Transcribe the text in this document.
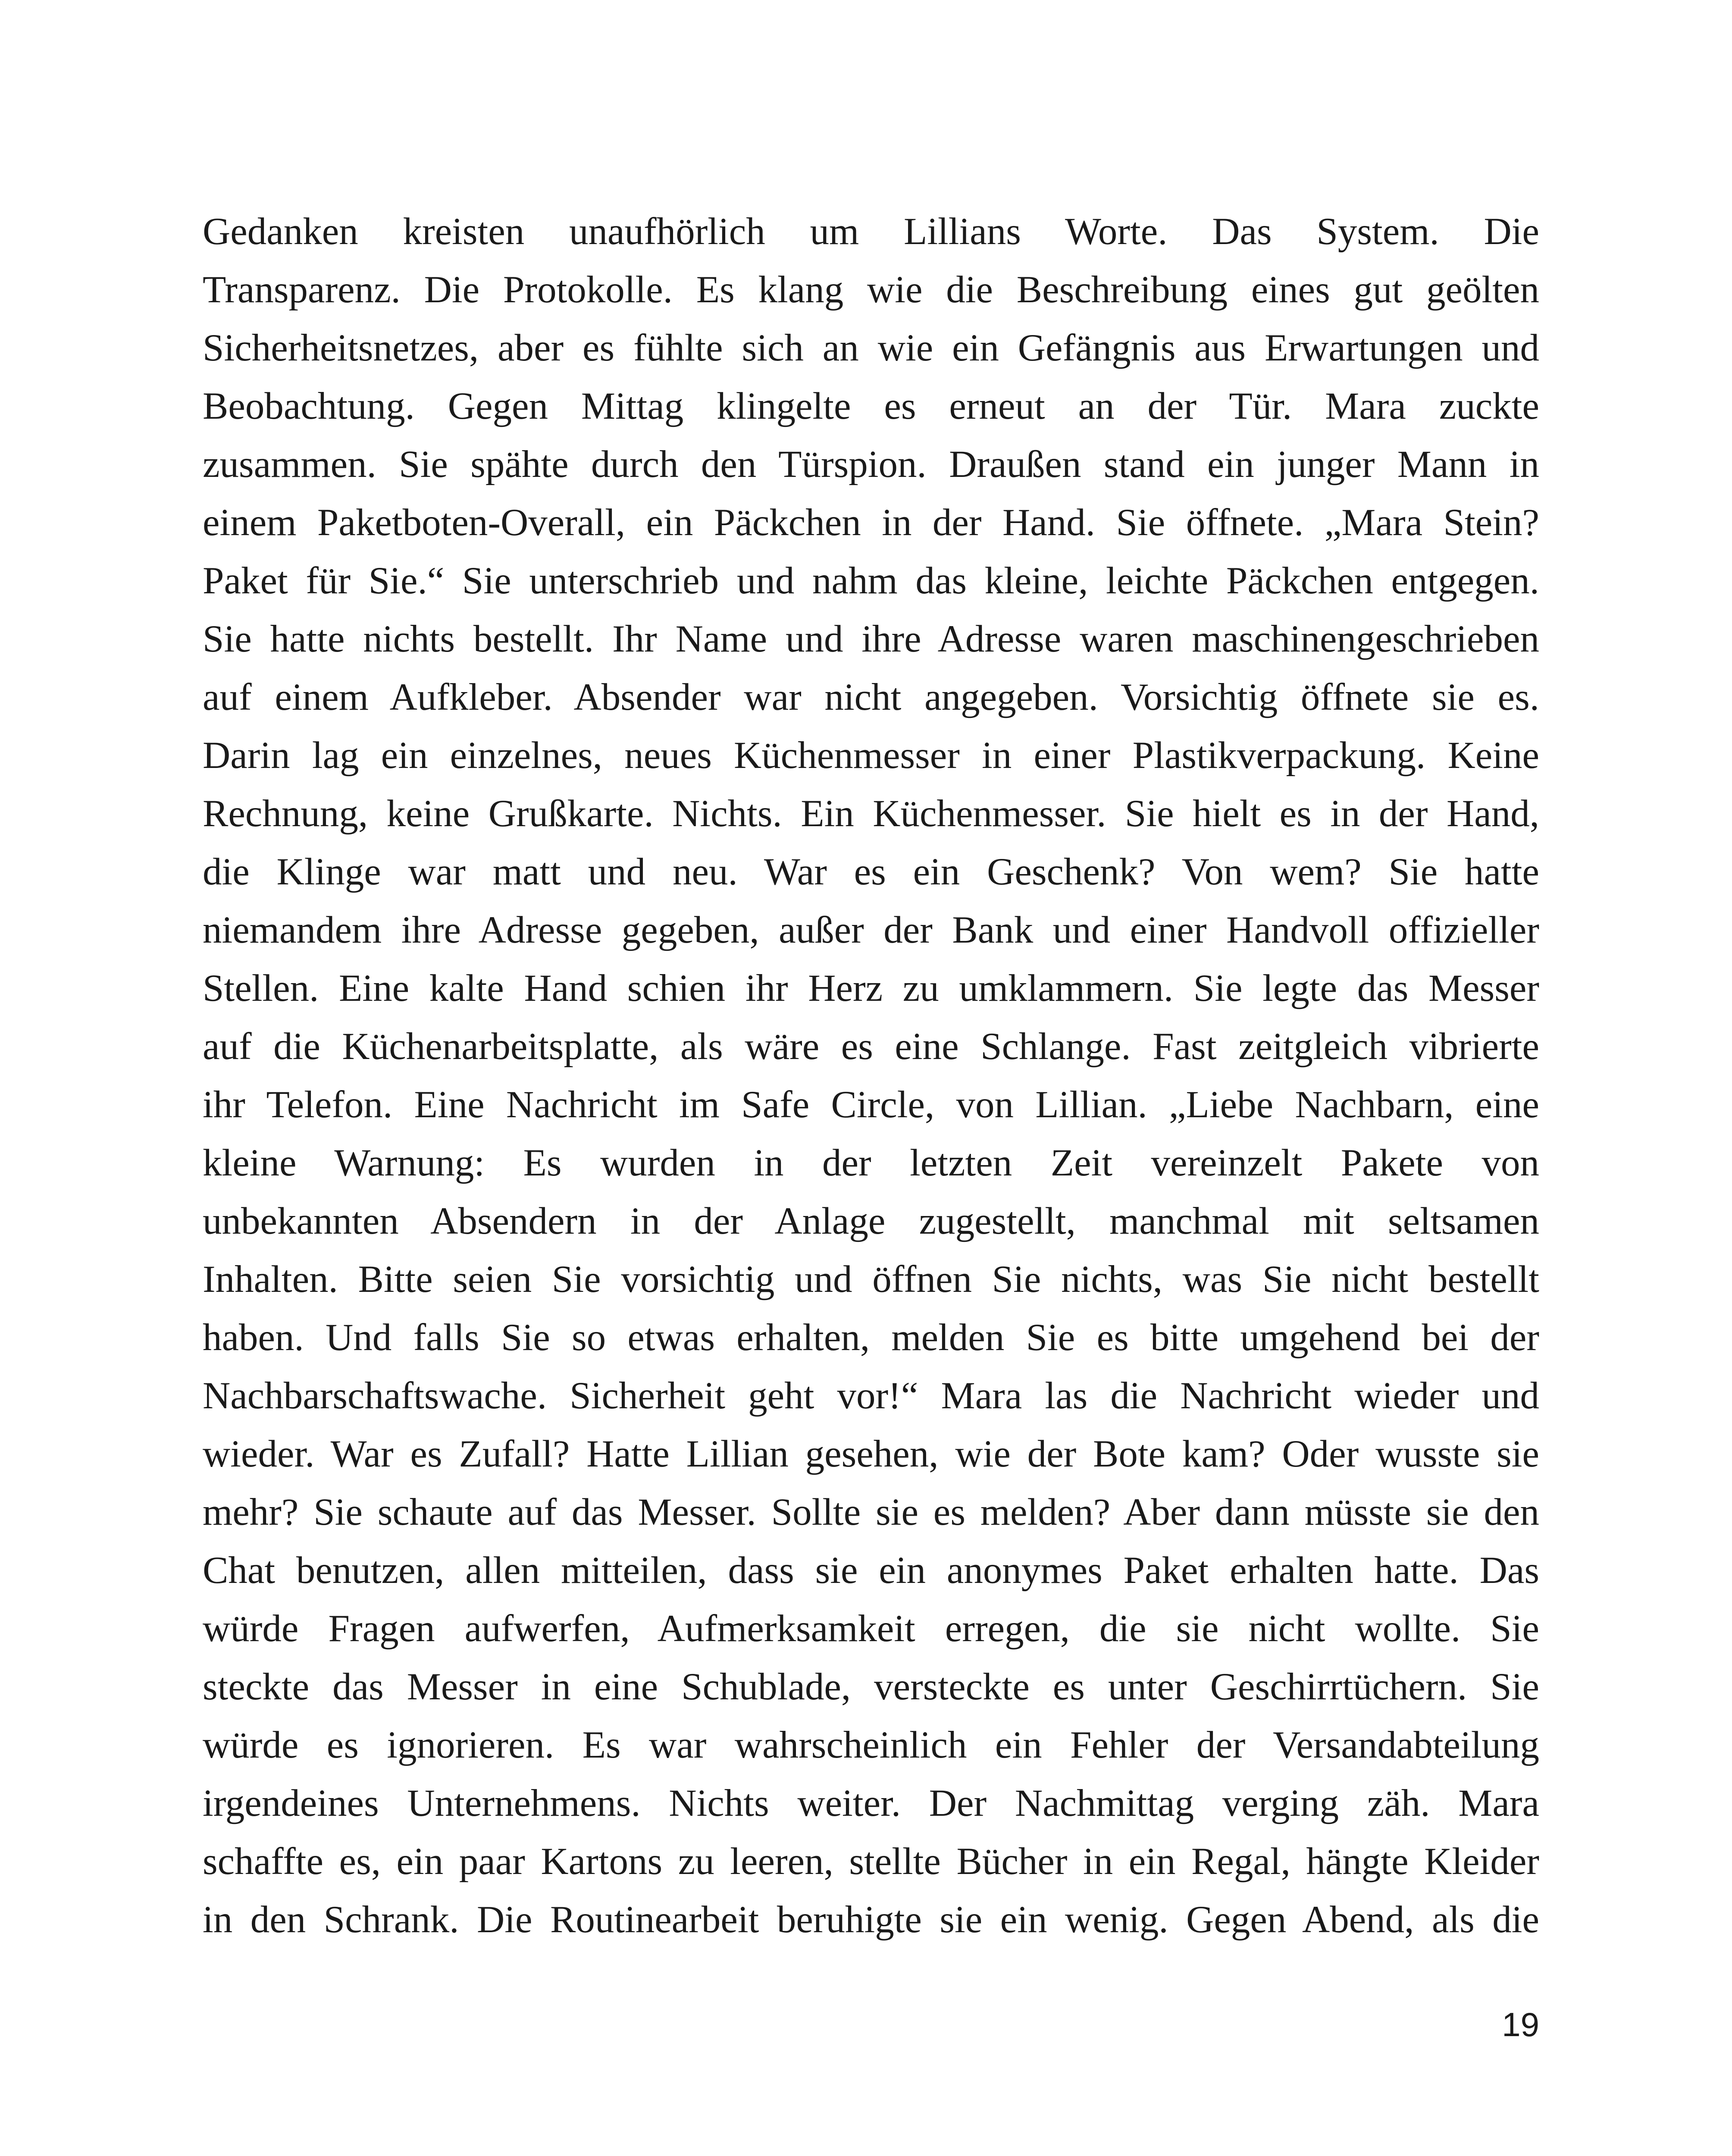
Gedanken kreisten unaufhörlich um Lillians Worte. Das System. Die
Transparenz. Die Protokolle. Es klang wie die Beschreibung eines gut geölten
Sicherheitsnetzes, aber es fühlte sich an wie ein Gefängnis aus Erwartungen und
Beobachtung. Gegen Mittag klingelte es erneut an der Tür. Mara zuckte
zusammen. Sie spähte durch den Türspion. Draußen stand ein junger Mann in
einem Paketboten-Overall, ein Päckchen in der Hand. Sie öffnete. „Mara Stein?
Paket für Sie.“ Sie unterschrieb und nahm das kleine, leichte Päckchen entgegen.
Sie hatte nichts bestellt. Ihr Name und ihre Adresse waren maschinengeschrieben
auf einem Aufkleber. Absender war nicht angegeben. Vorsichtig öffnete sie es.
Darin lag ein einzelnes, neues Küchenmesser in einer Plastikverpackung. Keine
Rechnung, keine Grußkarte. Nichts. Ein Küchenmesser. Sie hielt es in der Hand,
die Klinge war matt und neu. War es ein Geschenk? Von wem? Sie hatte
niemandem ihre Adresse gegeben, außer der Bank und einer Handvoll offizieller
Stellen. Eine kalte Hand schien ihr Herz zu umklammern. Sie legte das Messer
auf die Küchenarbeitsplatte, als wäre es eine Schlange. Fast zeitgleich vibrierte
ihr Telefon. Eine Nachricht im Safe Circle, von Lillian. „Liebe Nachbarn, eine
kleine Warnung: Es wurden in der letzten Zeit vereinzelt Pakete von
unbekannten Absendern in der Anlage zugestellt, manchmal mit seltsamen
Inhalten. Bitte seien Sie vorsichtig und öffnen Sie nichts, was Sie nicht bestellt
haben. Und falls Sie so etwas erhalten, melden Sie es bitte umgehend bei der
Nachbarschaftswache. Sicherheit geht vor!“ Mara las die Nachricht wieder und
wieder. War es Zufall? Hatte Lillian gesehen, wie der Bote kam? Oder wusste sie
mehr? Sie schaute auf das Messer. Sollte sie es melden? Aber dann müsste sie den
Chat benutzen, allen mitteilen, dass sie ein anonymes Paket erhalten hatte. Das
würde Fragen aufwerfen, Aufmerksamkeit erregen, die sie nicht wollte. Sie
steckte das Messer in eine Schublade, versteckte es unter Geschirrtüchern. Sie
würde es ignorieren. Es war wahrscheinlich ein Fehler der Versandabteilung
irgendeines Unternehmens. Nichts weiter. Der Nachmittag verging zäh. Mara
schaffte es, ein paar Kartons zu leeren, stellte Bücher in ein Regal, hängte Kleider
in den Schrank. Die Routinearbeit beruhigte sie ein wenig. Gegen Abend, als die
19
